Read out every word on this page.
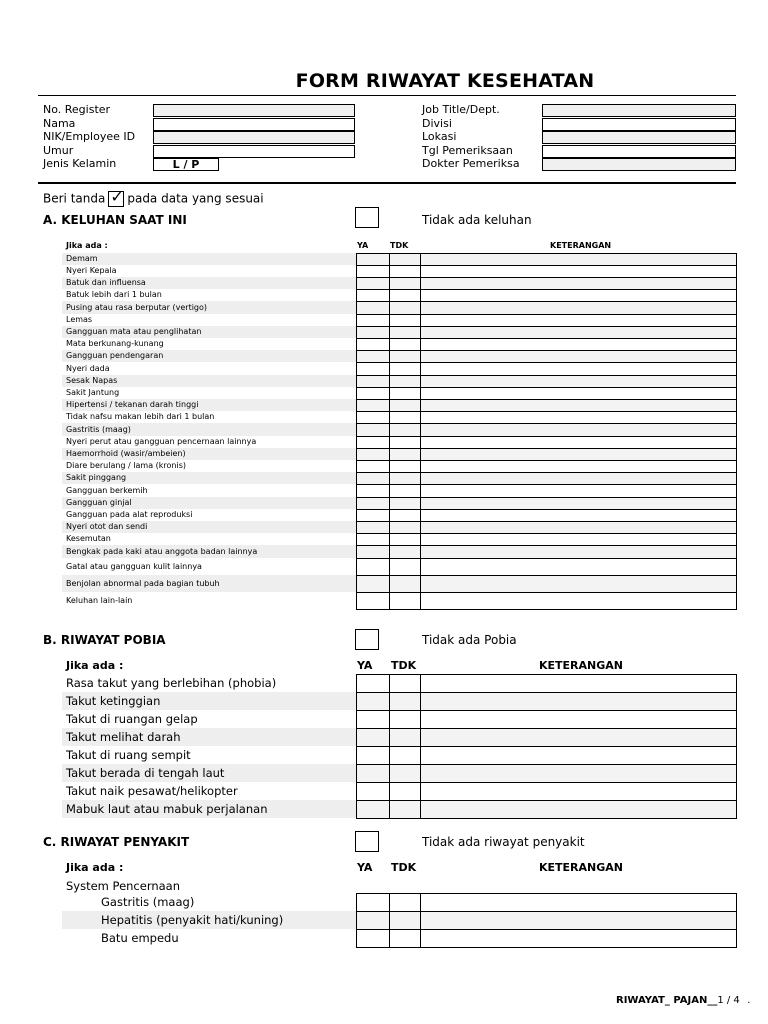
FORM RIWAYAT KESEHATAN
No. Register
Nama
NIK/Employee ID
Umur
Jenis Kelamin	L / P
Job Title/Dept.
Divisi
Lokasi
Tgl Pemeriksaan
Dokter Pemeriksa
Beri tanda✓ pada data yang sesuai
A. KELUHAN SAAT INI	Tidak ada keluhan
Jika ada :	YA	TDK	KETERANGAN
Demam
Nyeri Kepala
Batuk dan influensa
Batuk lebih dari 1 bulan
Pusing atau rasa berputar (vertigo)
Lemas
Gangguan mata atau penglihatan
Mata berkunang-kunang
Gangguan pendengaran
Nyeri dada
Sesak Napas
Sakit Jantung
Hipertensi / tekanan darah tinggi
Tidak nafsu makan lebih dari 1 bulan
Gastritis (maag)
Nyeri perut atau gangguan pencernaan lainnya
Haemorrhoid (wasir/ambeien)
Diare berulang / lama (kronis)
Sakit pinggang
Gangguan berkemih
Gangguan ginjal
Gangguan pada alat reproduksi
Nyeri otot dan sendi
Kesemutan
Bengkak pada kaki atau anggota badan lainnya
Gatal atau gangguan kulit lainnya
Benjolan abnormal pada bagian tubuh
Keluhan lain-lain
B. RIWAYAT POBIA	Tidak ada Pobia
Jika ada :	YA TDK	KETERANGAN
Rasa takut yang berlebihan (phobia)
Takut ketinggian
Takut di ruangan gelap
Takut melihat darah
Takut di ruang sempit
Takut berada di tengah laut
Takut naik pesawat/helikopter
Mabuk laut atau mabuk perjalanan
C. RIWAYAT PENYAKIT	Tidak ada riwayat penyakit
Jika ada :	YA TDK	KETERANGAN
System Pencernaan
Gastritis (maag)
Hepatitis (penyakit hati/kuning)
Batu empedu
RIWAYAT_ PAJAN__1 / 4 .
